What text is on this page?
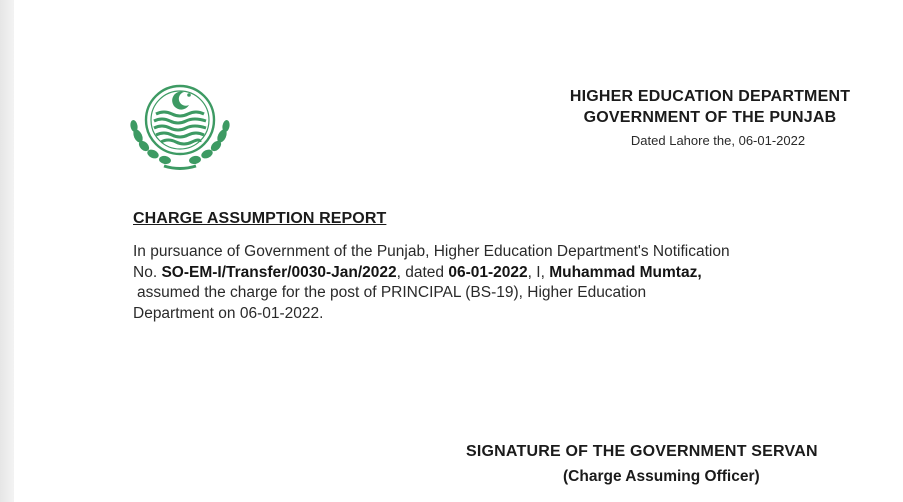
HIGHER EDUCATION DEPARTMENT
GOVERNMENT OF THE PUNJAB
Dated Lahore the, 06-01-2022
CHARGE ASSUMPTION REPORT
In pursuance of Government of the Punjab, Higher Education Department's Notification
No. SO-EM-I/Transfer/0030-Jan/2022, dated 06-01-2022, I, Muhammad Mumtaz,
assumed the charge for the post of PRINCIPAL (BS-19), Higher Education
Department on 06-01-2022.
SIGNATURE OF THE GOVERNMENT SERVAN
(Charge Assuming Officer)
